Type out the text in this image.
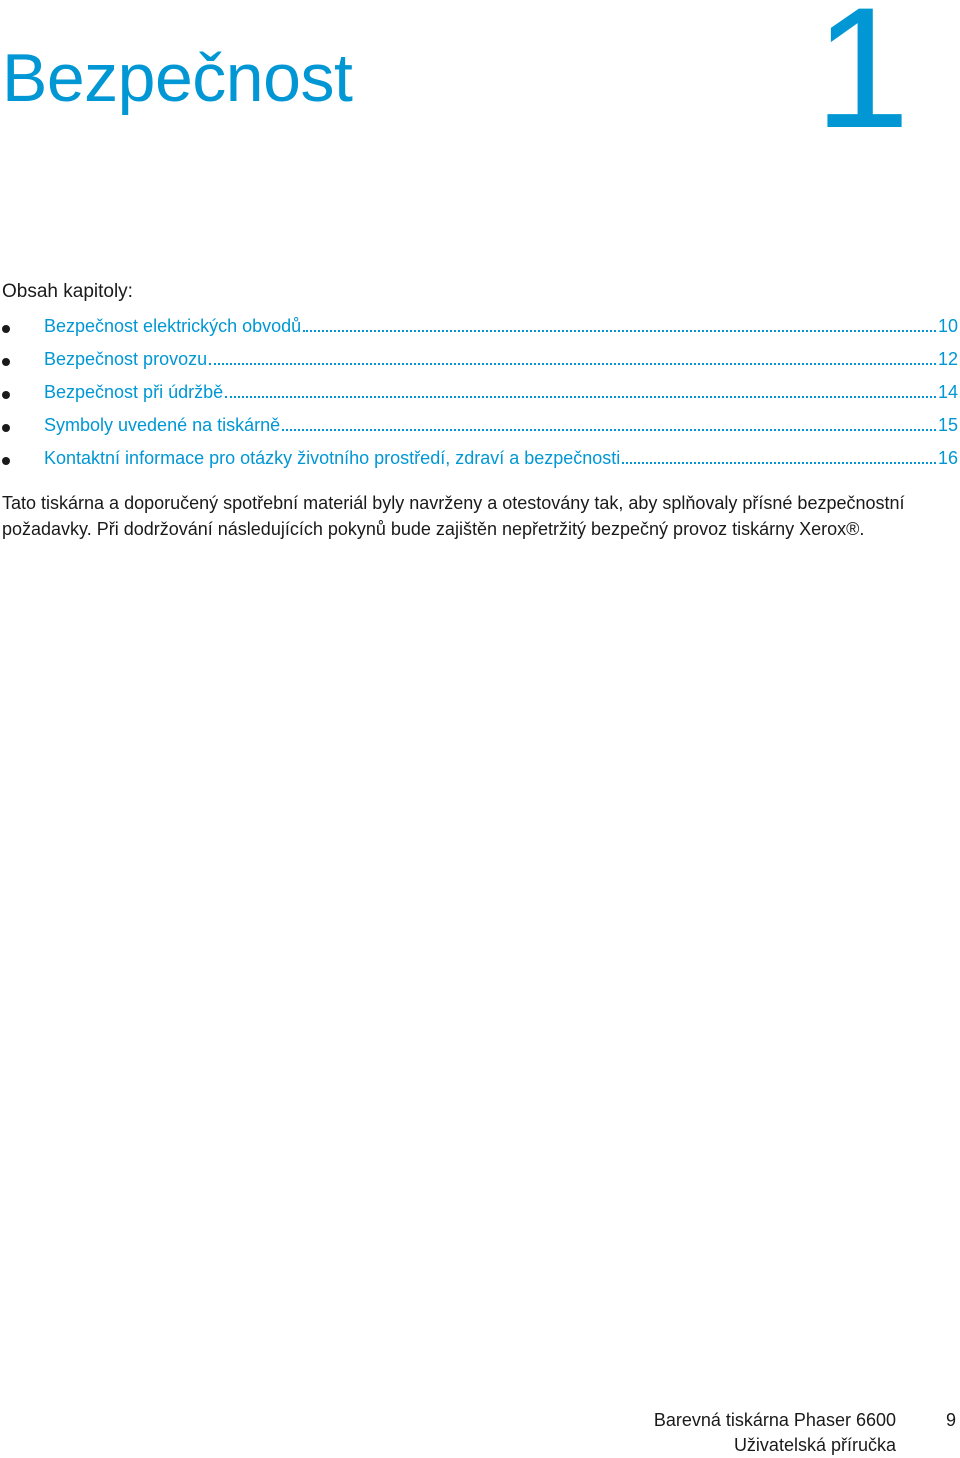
1
Bezpečnost

Obsah kapitoly:

Bezpečnost elektrických obvodů	10
Bezpečnost provozu	12
Bezpečnost při údržbě	14
Symboly uvedené na tiskárně	15
Kontaktní informace pro otázky životního prostředí, zdraví a bezpečnosti	16

Tato tiskárna a doporučený spotřební materiál byly navrženy a otestovány tak, aby splňovaly přísné bezpečnostní požadavky. Při dodržování následujících pokynů bude zajištěn nepřetržitý bezpečný provoz tiskárny Xerox®.

Barevná tiskárna Phaser 6600
Uživatelská příručka
9
